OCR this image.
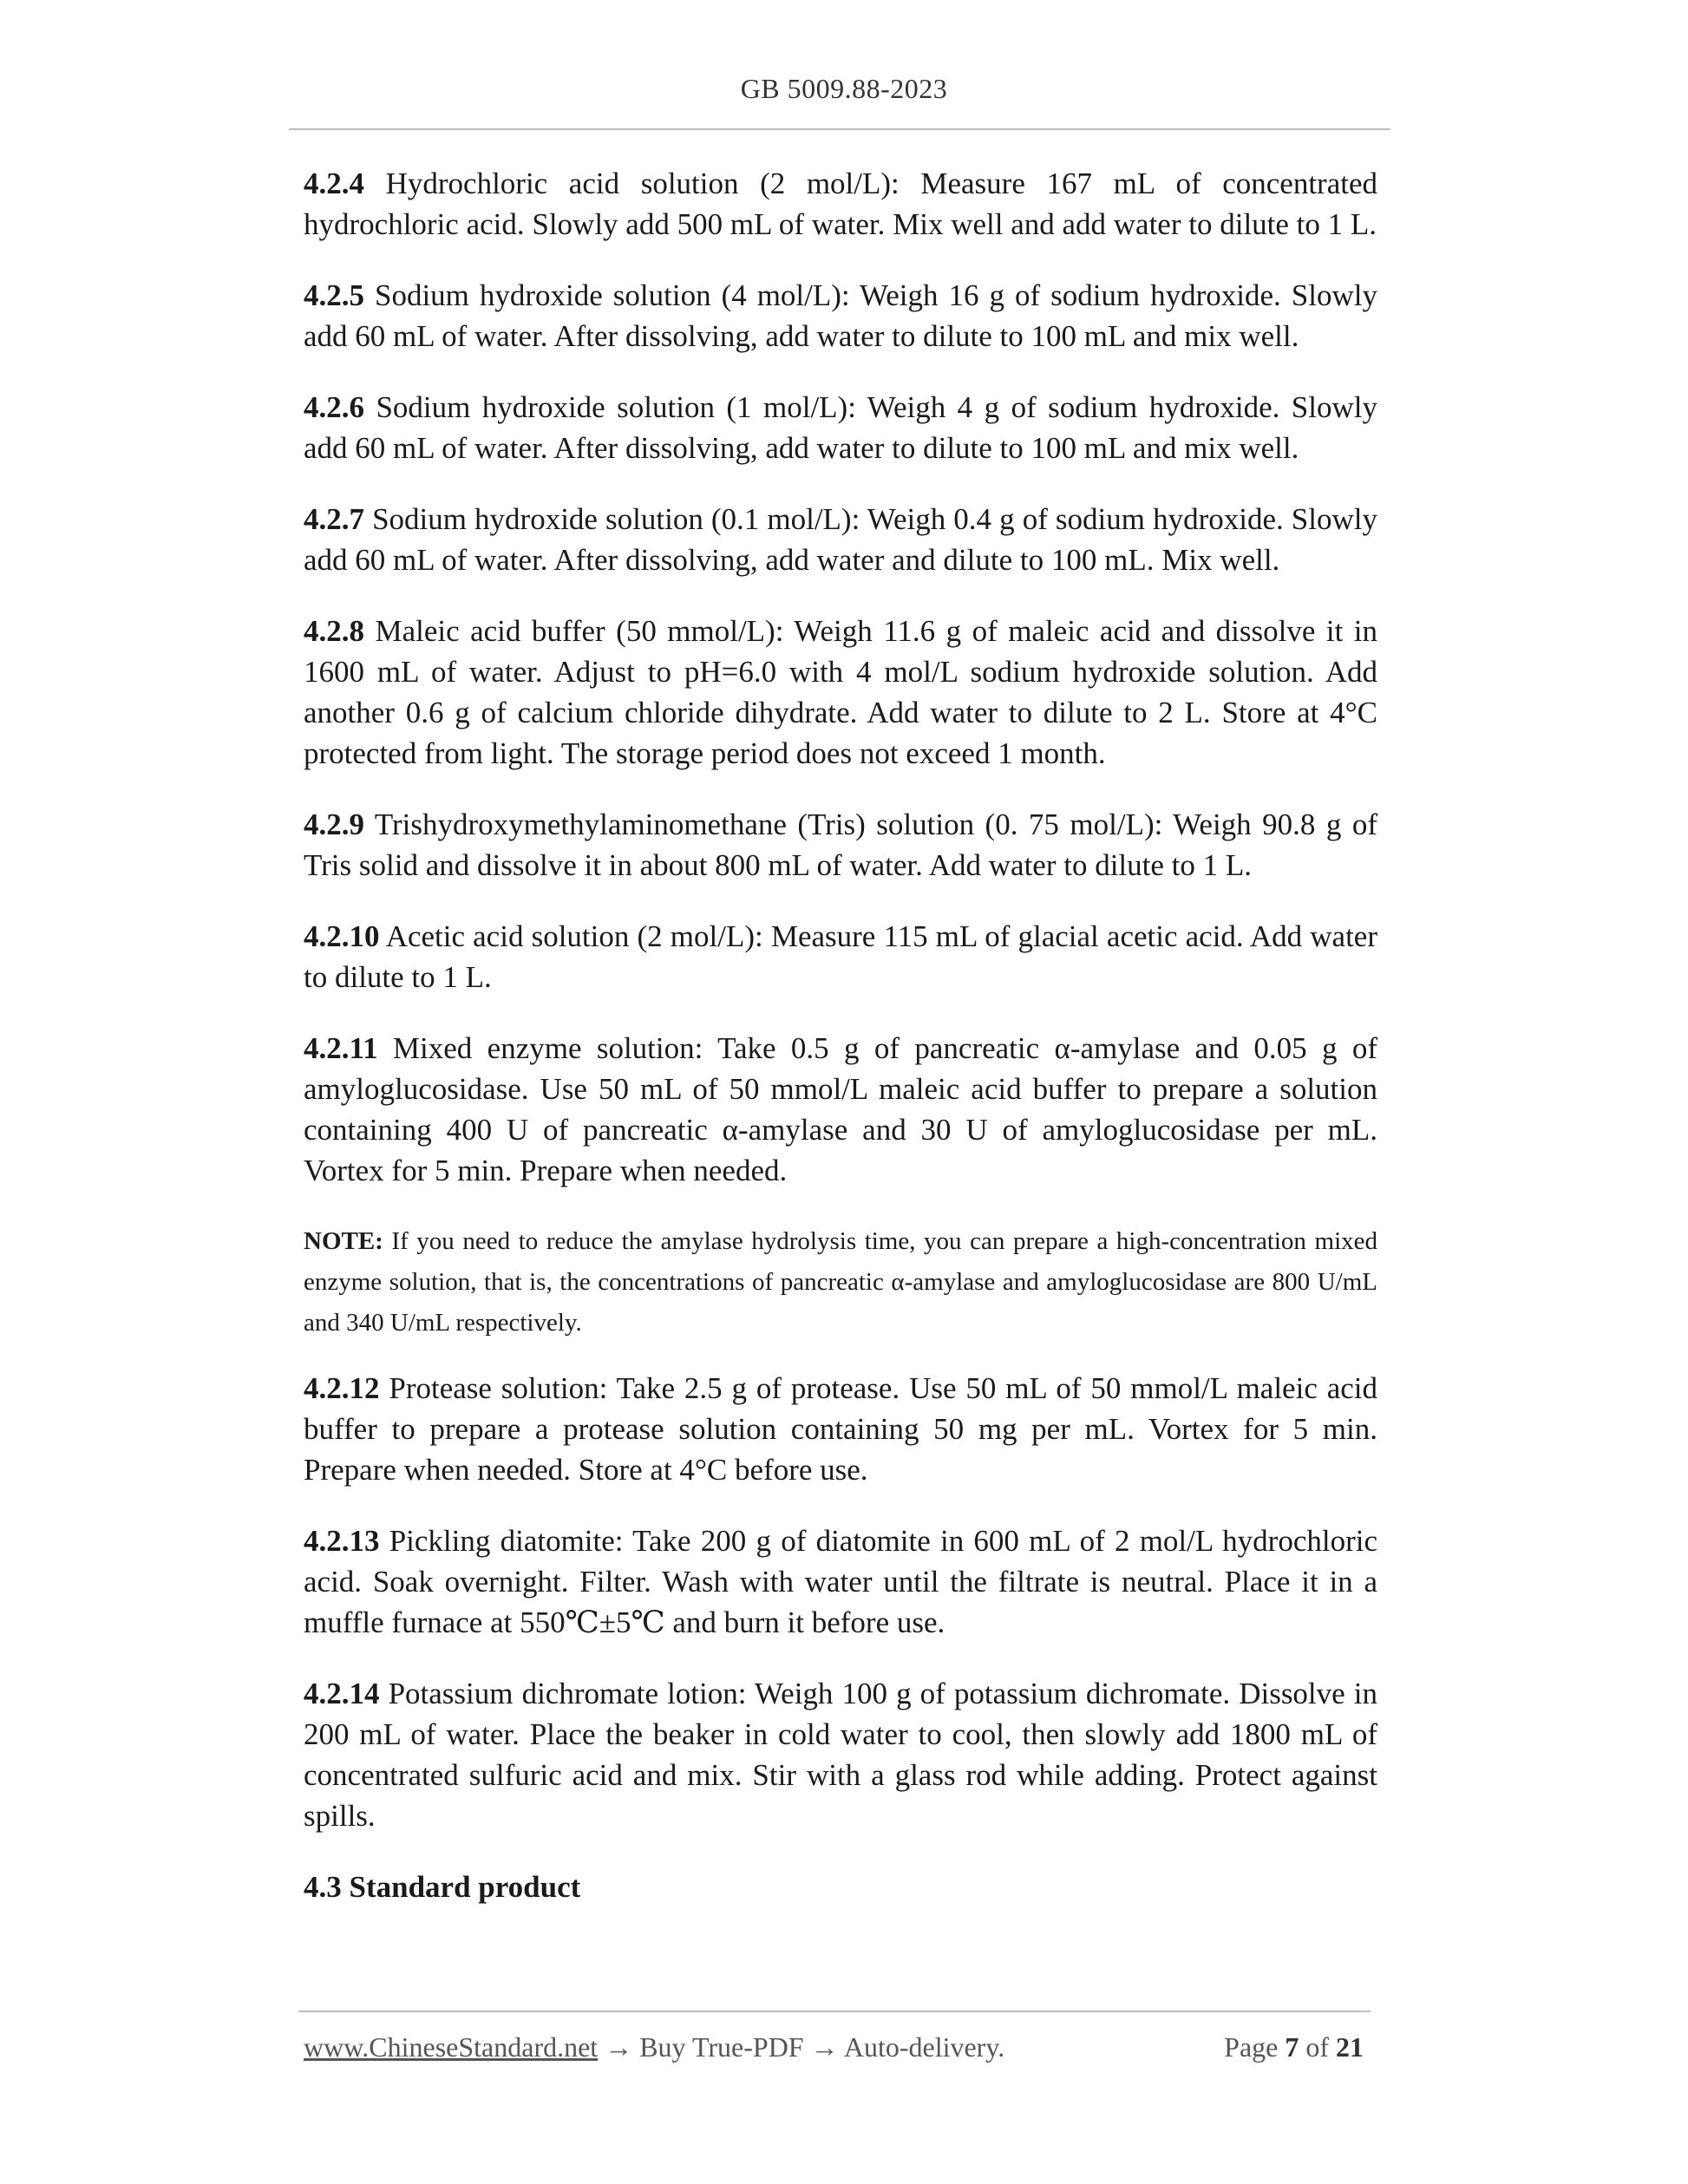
GB 5009.88-2023

4.2.4 Hydrochloric acid solution (2 mol/L): Measure 167 mL of concentrated hydrochloric acid. Slowly add 500 mL of water. Mix well and add water to dilute to 1 L.

4.2.5 Sodium hydroxide solution (4 mol/L): Weigh 16 g of sodium hydroxide. Slowly add 60 mL of water. After dissolving, add water to dilute to 100 mL and mix well.

4.2.6 Sodium hydroxide solution (1 mol/L): Weigh 4 g of sodium hydroxide. Slowly add 60 mL of water. After dissolving, add water to dilute to 100 mL and mix well.

4.2.7 Sodium hydroxide solution (0.1 mol/L): Weigh 0.4 g of sodium hydroxide. Slowly add 60 mL of water. After dissolving, add water and dilute to 100 mL. Mix well.

4.2.8 Maleic acid buffer (50 mmol/L): Weigh 11.6 g of maleic acid and dissolve it in 1600 mL of water. Adjust to pH=6.0 with 4 mol/L sodium hydroxide solution. Add another 0.6 g of calcium chloride dihydrate. Add water to dilute to 2 L. Store at 4°C protected from light. The storage period does not exceed 1 month.

4.2.9 Trishydroxymethylaminomethane (Tris) solution (0. 75 mol/L): Weigh 90.8 g of Tris solid and dissolve it in about 800 mL of water. Add water to dilute to 1 L.

4.2.10 Acetic acid solution (2 mol/L): Measure 115 mL of glacial acetic acid. Add water to dilute to 1 L.

4.2.11 Mixed enzyme solution: Take 0.5 g of pancreatic α-amylase and 0.05 g of amyloglucosidase. Use 50 mL of 50 mmol/L maleic acid buffer to prepare a solution containing 400 U of pancreatic α-amylase and 30 U of amyloglucosidase per mL. Vortex for 5 min. Prepare when needed.

NOTE: If you need to reduce the amylase hydrolysis time, you can prepare a high-concentration mixed enzyme solution, that is, the concentrations of pancreatic α-amylase and amyloglucosidase are 800 U/mL and 340 U/mL respectively.

4.2.12 Protease solution: Take 2.5 g of protease. Use 50 mL of 50 mmol/L maleic acid buffer to prepare a protease solution containing 50 mg per mL. Vortex for 5 min. Prepare when needed. Store at 4°C before use.

4.2.13 Pickling diatomite: Take 200 g of diatomite in 600 mL of 2 mol/L hydrochloric acid. Soak overnight. Filter. Wash with water until the filtrate is neutral. Place it in a muffle furnace at 550℃±5℃ and burn it before use.

4.2.14 Potassium dichromate lotion: Weigh 100 g of potassium dichromate. Dissolve in 200 mL of water. Place the beaker in cold water to cool, then slowly add 1800 mL of concentrated sulfuric acid and mix. Stir with a glass rod while adding. Protect against spills.

4.3 Standard product

www.ChineseStandard.net → Buy True-PDF → Auto-delivery.	Page 7 of 21
